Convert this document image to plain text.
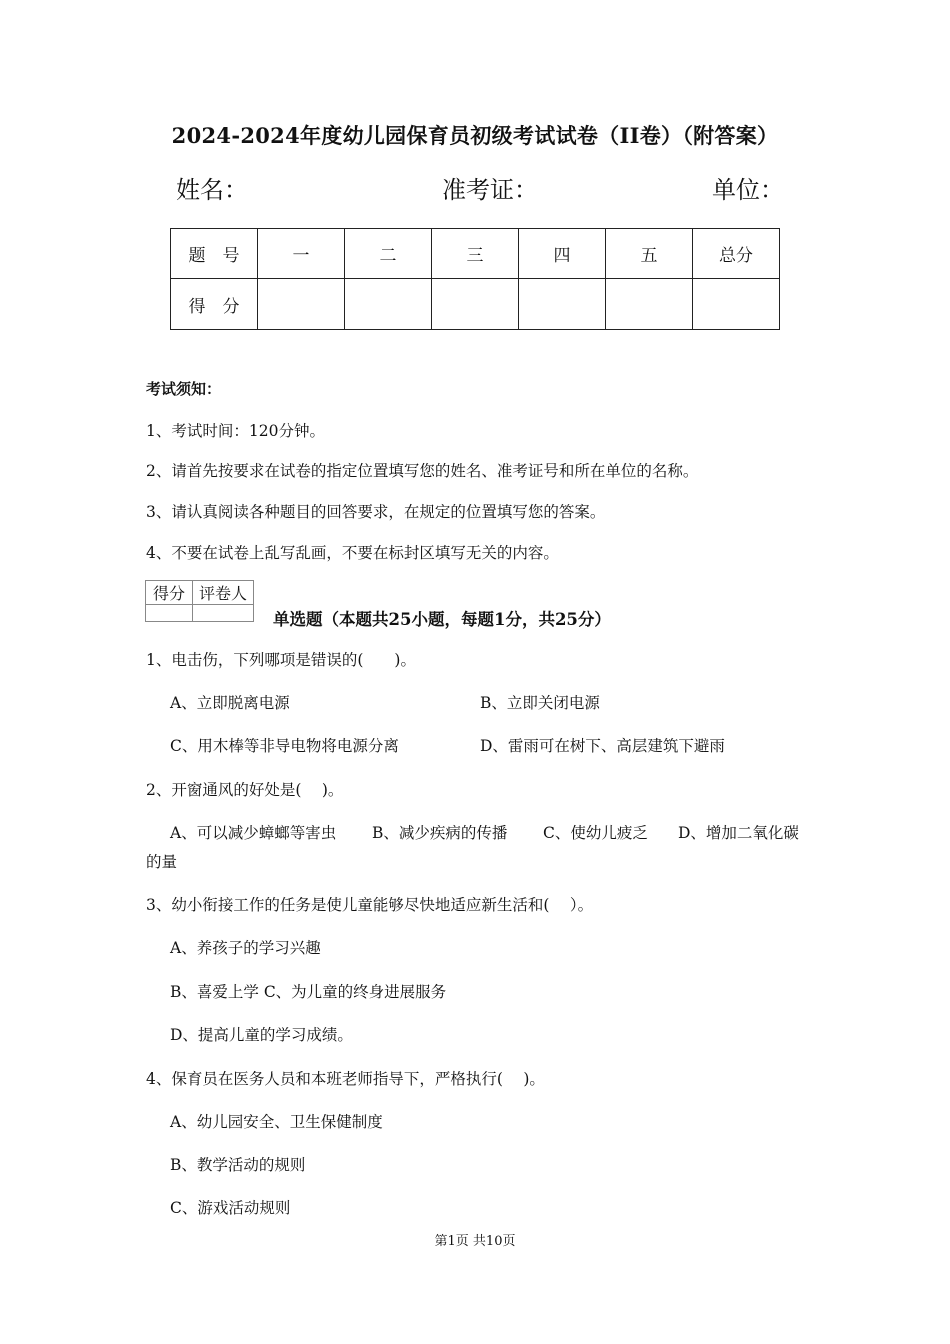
2024-2024年度幼儿园保育员初级考试试卷（II卷）（附答案）
姓名：	准考证：	单位：
题　号	一	二	三	四	五	总分
得　分						
考试须知：
1、考试时间：120分钟。
2、请首先按要求在试卷的指定位置填写您的姓名、准考证号和所在单位的名称。
3、请认真阅读各种题目的回答要求，在规定的位置填写您的答案。
4、不要在试卷上乱写乱画，不要在标封区填写无关的内容。
得分	评卷人

单选题（本题共25小题，每题1分，共25分）
1、电击伤，下列哪项是错误的(　　)。
A、立即脱离电源	B、立即关闭电源
C、用木棒等非导电物将电源分离	D、雷雨可在树下、高层建筑下避雨
2、开窗通风的好处是(　 )。
A、可以减少蟑螂等害虫 B、减少疾病的传播 C、使幼儿疲乏 D、增加二氧化碳
的量
3、幼小衔接工作的任务是使儿童能够尽快地适应新生活和(　 ）。
A、养孩子的学习兴趣
B、喜爱上学 C、为儿童的终身进展服务
D、提高儿童的学习成绩。
4、保育员在医务人员和本班老师指导下，严格执行(　 )。
A、幼儿园安全、卫生保健制度
B、教学活动的规则
C、游戏活动规则
第1页 共10页
